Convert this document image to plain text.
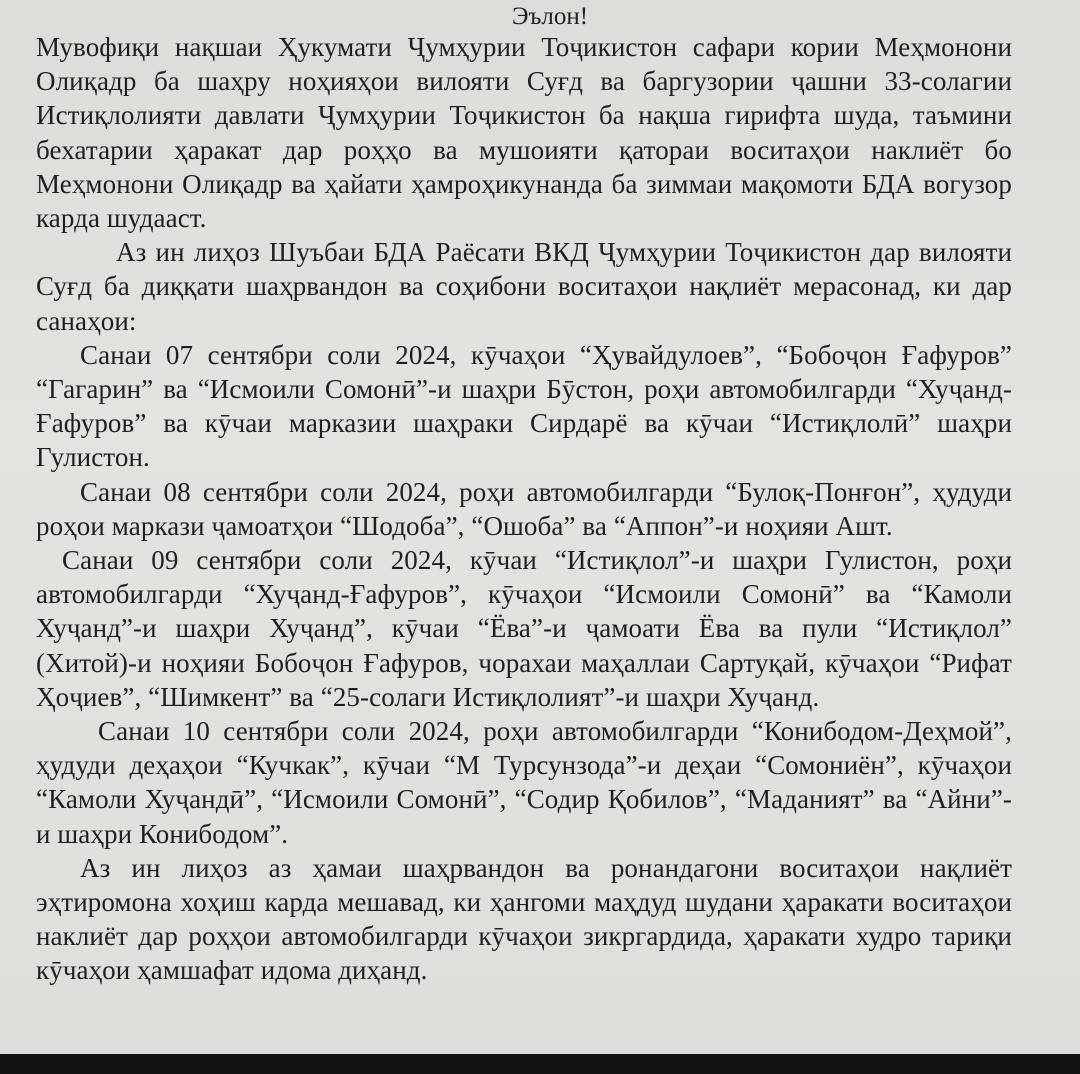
Эълон!

Мувофиқи нақшаи Ҳукумати Ҷумҳурии Тоҷикистон сафари кории Меҳмонони Олиқадр ба шаҳру ноҳияҳои вилояти Суғд ва баргузории ҷашни 33-солагии Истиқлолияти давлати Ҷумҳурии Тоҷикистон ба нақша гирифта шуда, таъмини бехатарии ҳаракат дар роҳҳо ва мушоияти қатораи воситаҳои наклиёт бо Меҳмонони Олиқадр ва ҳайати ҳамроҳикунанда ба зиммаи мақомоти БДА вогузор карда шудааст.

Аз ин лиҳоз Шуъбаи БДА Раёсати ВКД Ҷумҳурии Тоҷикистон дар вилояти Суғд ба диққати шаҳрвандон ва соҳибони воситаҳои нақлиёт мерасонад, ки дар санаҳои:

Санаи 07 сентябри соли 2024, кӯчаҳои “Ҳувайдулоев”, “Бобоҷон Ғафуров” “Гагарин” ва “Исмоили Сомонӣ”-и шаҳри Бӯстон, роҳи автомобилгарди “Хуҷанд-Ғафуров” ва кӯчаи марказии шаҳраки Сирдарё ва кӯчаи “Истиқлолӣ” шаҳри Гулистон.

Санаи 08 сентябри соли 2024, роҳи автомобилгарди “Булоқ-Понғон”, ҳудуди роҳои маркази ҷамоатҳои “Шодоба”, “Ошоба” ва “Аппон”-и ноҳияи Ашт.

Санаи 09 сентябри соли 2024, кӯчаи “Истиқлол”-и шаҳри Гулистон, роҳи автомобилгарди “Хуҷанд-Ғафуров”, кӯчаҳои “Исмоили Сомонӣ” ва “Камоли Хуҷанд”-и шаҳри Хуҷанд”, кӯчаи “Ёва”-и ҷамоати Ёва ва пули “Истиқлол” (Хитой)-и ноҳияи Бобоҷон Ғафуров, чорахаи маҳаллаи Сартуқай, кӯчаҳои “Рифат Ҳоҷиев”, “Шимкент” ва “25-солаги Истиқлолият”-и шаҳри Хуҷанд.

Санаи 10 сентябри соли 2024, роҳи автомобилгарди “Конибодом-Деҳмой”, ҳудуди деҳаҳои “Кучкак”, кӯчаи “М Турсунзода”-и деҳаи “Сомониён”, кӯчаҳои “Камоли Хуҷандӣ”, “Исмоили Сомонӣ”, “Содир Қобилов”, “Маданият” ва “Айни”-и шаҳри Конибодом”.

Аз ин лиҳоз аз ҳамаи шаҳрвандон ва ронандагони воситаҳои нақлиёт эҳтиромона хоҳиш карда мешавад, ки ҳангоми маҳдуд шудани ҳаракати воситаҳои наклиёт дар роҳҳои автомобилгарди кӯчаҳои зикргардида, ҳаракати худро тариқи кӯчаҳои ҳамшафат идома диҳанд.
